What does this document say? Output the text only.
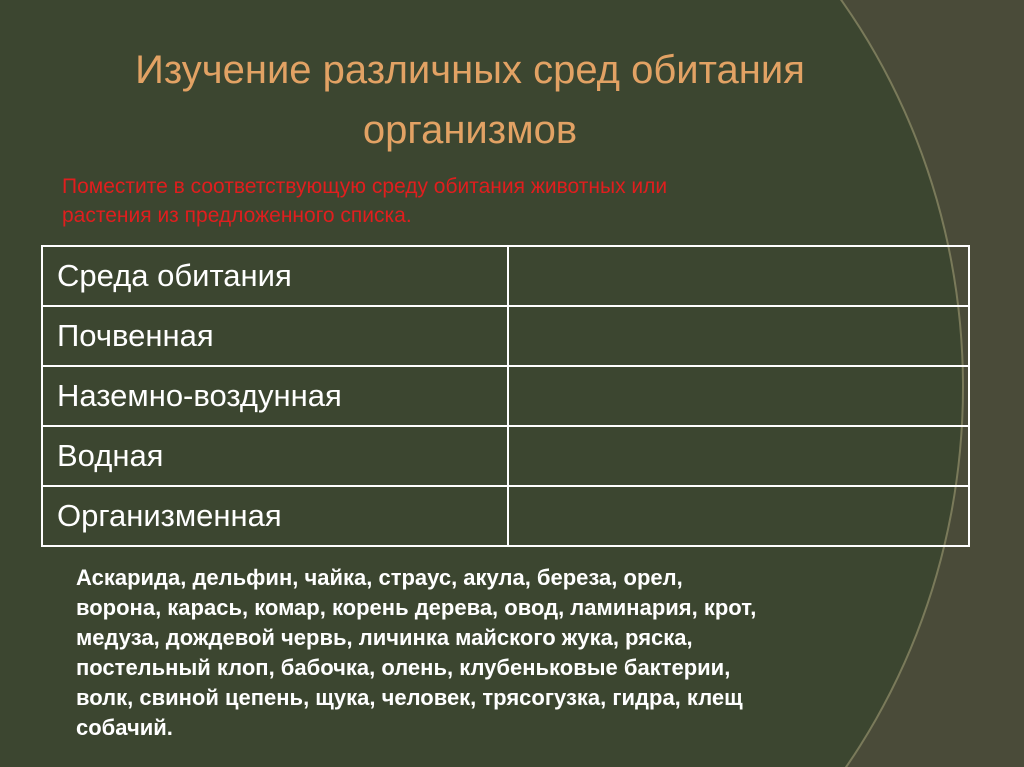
Изучение различных сред обитания
организмов

Поместите в соответствующую среду обитания животных или
растения из предложенного списка.

Среда обитания	
Почвенная	
Наземно-воздунная	
Водная	
Организменная	

Аскарида, дельфин, чайка, страус, акула, береза, орел,
ворона, карась, комар, корень дерева, овод, ламинария, крот,
медуза, дождевой червь, личинка майского жука, ряска,
постельный клоп, бабочка, олень, клубеньковые бактерии,
волк, свиной цепень, щука, человек, трясогузка, гидра, клещ
собачий.
